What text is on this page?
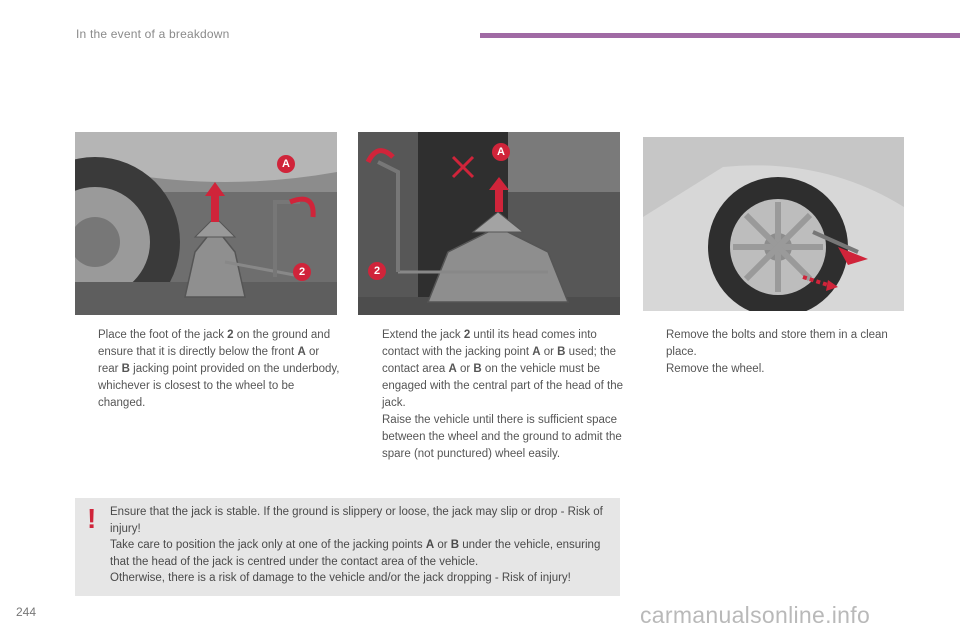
In the event of a breakdown
A
2
A
2

Place the foot of the jack 2 on the ground and ensure that it is directly below the front A or rear B jacking point provided on the underbody, whichever is closest to the wheel to be changed.

Extend the jack 2 until its head comes into contact with the jacking point A or B used; the contact area A or B on the vehicle must be engaged with the central part of the head of the jack.

Raise the vehicle until there is sufficient space between the wheel and the ground to admit the spare (not punctured) wheel easily.

Remove the bolts and store them in a clean place.

Remove the wheel.

! Ensure that the jack is stable. If the ground is slippery or loose, the jack may slip or drop - Risk of injury!

Take care to position the jack only at one of the jacking points A or B under the vehicle, ensuring that the head of the jack is centred under the contact area of the vehicle.

Otherwise, there is a risk of damage to the vehicle and/or the jack dropping - Risk of injury!

244	carmanualsonline.info
